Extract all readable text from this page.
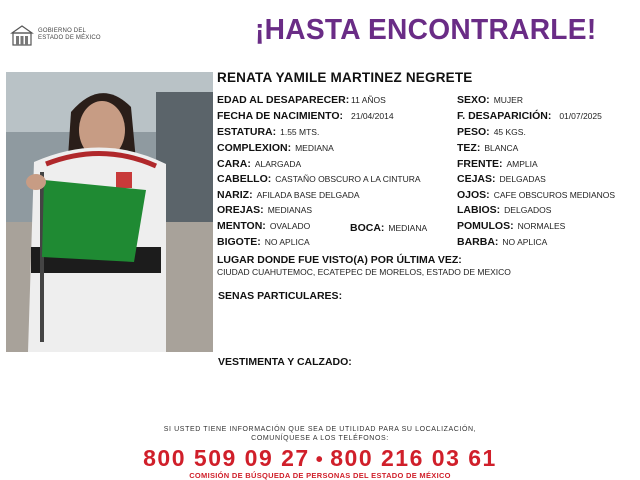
GOBIERNO DEL
ESTADO DE MÉXICO	¡HASTA ENCONTRARLE!
RENATA YAMILE MARTINEZ NEGRETE
EDAD AL DESAPARECER: 11 AÑOS
FECHA DE NACIMIENTO: 21/04/2014
ESTATURA: 1.55 MTS.
COMPLEXION: MEDIANA
CARA: ALARGADA
CABELLO: CASTAÑO OBSCURO A LA CINTURA
NARIZ: AFILADA BASE DELGADA
OREJAS: MEDIANAS
MENTON: OVALADO	BOCA: MEDIANA
BIGOTE: NO APLICA
SEXO: MUJER
F. DESAPARICIÓN: 01/07/2025
PESO: 45 KGS.
TEZ: BLANCA
FRENTE: AMPLIA
CEJAS: DELGADAS
OJOS: CAFE OBSCUROS MEDIANOS
LABIOS: DELGADOS
POMULOS: NORMALES
BARBA: NO APLICA
LUGAR DONDE FUE VISTO(A) POR ÚLTIMA VEZ:
CIUDAD CUAHUTEMOC, ECATEPEC DE MORELOS, ESTADO DE MEXICO
SENAS PARTICULARES:
VESTIMENTA Y CALZADO:
SI USTED TIENE INFORMACIÓN QUE SEA DE UTILIDAD PARA SU LOCALIZACIÓN,
COMUNÍQUESE A LOS TELÉFONOS:
800 509 09 27 • 800 216 03 61
COMISIÓN DE BÚSQUEDA DE PERSONAS DEL ESTADO DE MÉXICO
